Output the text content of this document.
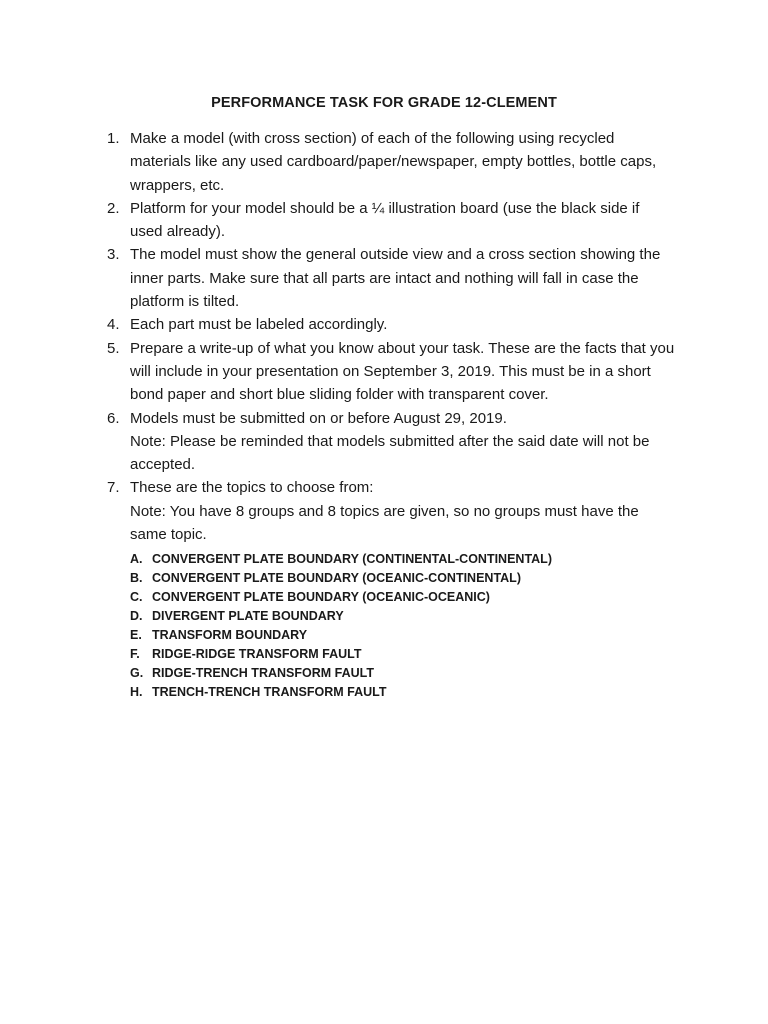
PERFORMANCE TASK FOR GRADE 12-CLEMENT
1. Make a model (with cross section) of each of the following using recycled materials like any used cardboard/paper/newspaper, empty bottles, bottle caps, wrappers, etc.
2. Platform for your model should be a ¼ illustration board (use the black side if used already).
3. The model must show the general outside view and a cross section showing the inner parts. Make sure that all parts are intact and nothing will fall in case the platform is tilted.
4. Each part must be labeled accordingly.
5. Prepare a write-up of what you know about your task. These are the facts that you will include in your presentation on September 3, 2019. This must be in a short bond paper and short blue sliding folder with transparent cover.
6. Models must be submitted on or before August 29, 2019.
Note: Please be reminded that models submitted after the said date will not be accepted.
7. These are the topics to choose from:
Note: You have 8 groups and 8 topics are given, so no groups must have the same topic.
A. CONVERGENT PLATE BOUNDARY (CONTINENTAL-CONTINENTAL)
B. CONVERGENT PLATE BOUNDARY (OCEANIC-CONTINENTAL)
C. CONVERGENT PLATE BOUNDARY (OCEANIC-OCEANIC)
D. DIVERGENT PLATE BOUNDARY
E. TRANSFORM BOUNDARY
F. RIDGE-RIDGE TRANSFORM FAULT
G. RIDGE-TRENCH TRANSFORM FAULT
H. TRENCH-TRENCH TRANSFORM FAULT
